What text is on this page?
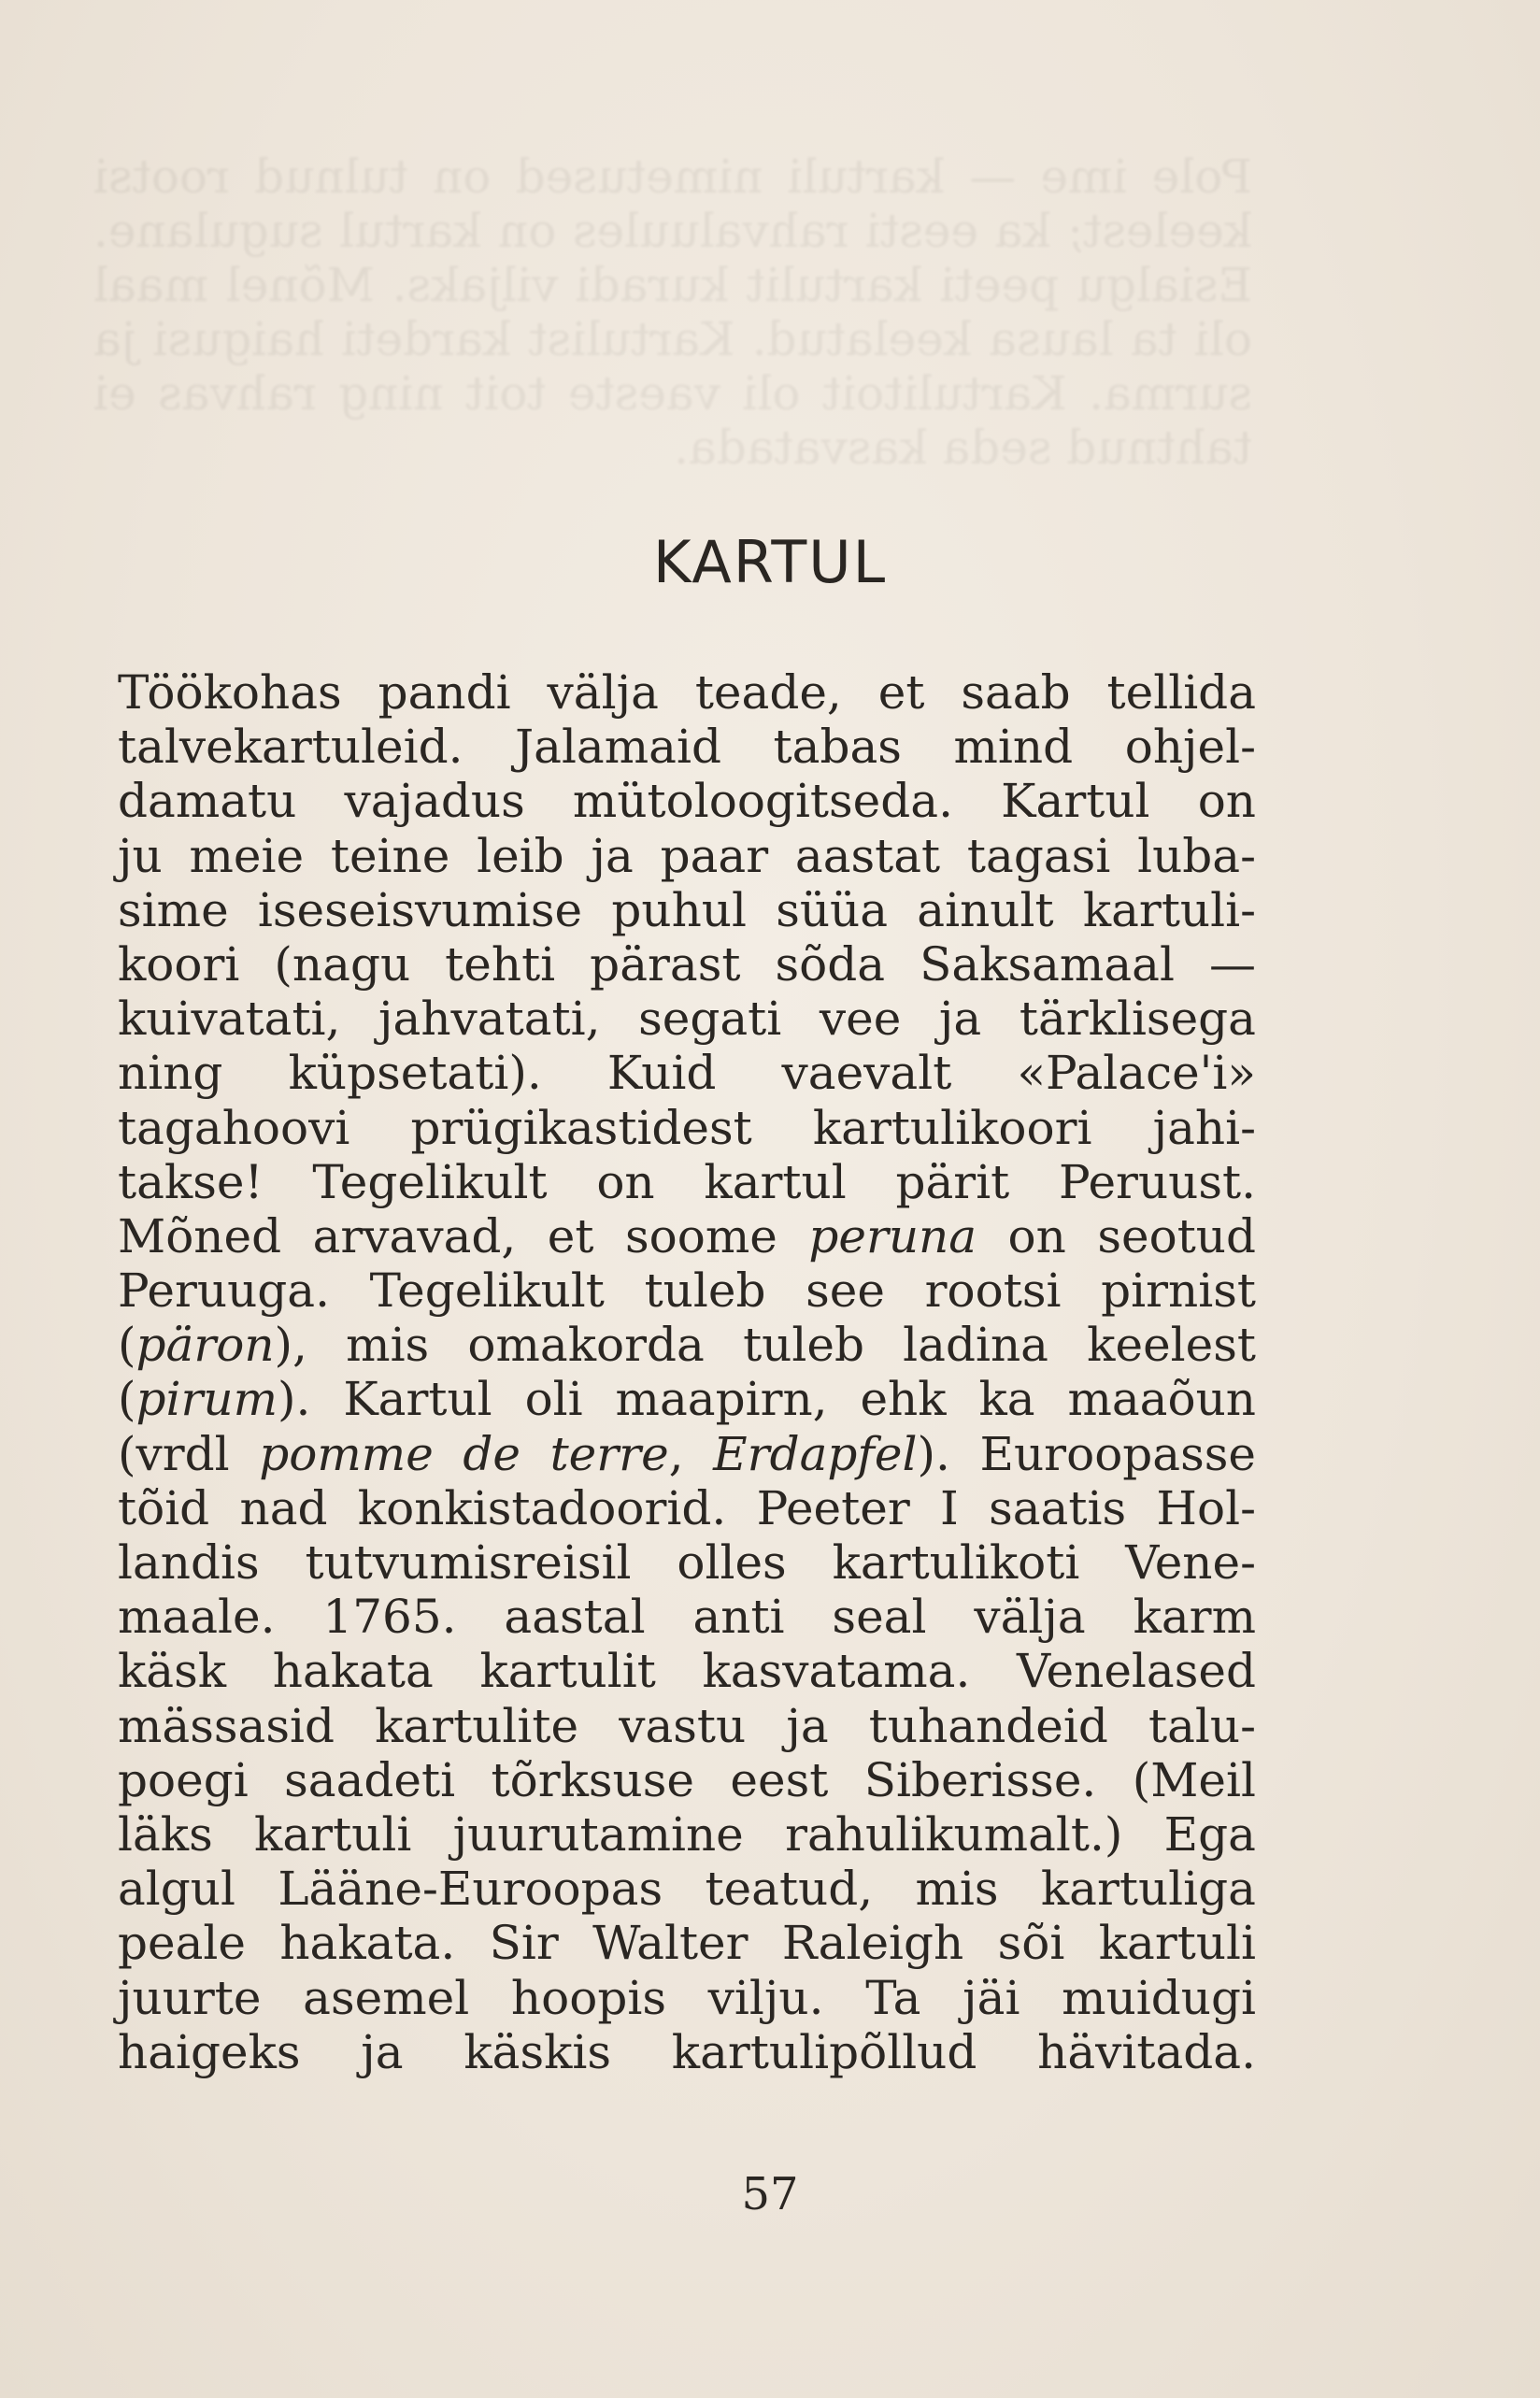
Pole ime — kartuli nimetused on tulnud rootsi keelest; ka eesti rahvaluules on kartul sugulane. Esialgu peeti kartulit kuradi viljaks. Mõnel maal oli ta lausa keelatud. Kartulist kardeti haigusi ja surma. Kartulitoit oli vaeste toit ning rahvas ei tahtnud seda kasvatada.
KARTUL
Töökohas pandi välja teade, et saab tellida
talvekartuleid. Jalamaid tabas mind ohjel-
damatu vajadus mütoloogitseda. Kartul on
ju meie teine leib ja paar aastat tagasi luba-
sime iseseisvumise puhul süüa ainult kartuli-
koori (nagu tehti pärast sõda Saksamaal —
kuivatati, jahvatati, segati vee ja tärklisega
ning küpsetati). Kuid vaevalt «Palace'i»
tagahoovi prügikastidest kartulikoori jahi-
takse! Tegelikult on kartul pärit Peruust.
Mõned arvavad, et soome peruna on seotud
Peruuga. Tegelikult tuleb see rootsi pirnist
(päron), mis omakorda tuleb ladina keelest
(pirum). Kartul oli maapirn, ehk ka maaõun
(vrdl pomme de terre, Erdapfel). Euroopasse
tõid nad konkistadoorid. Peeter I saatis Hol-
landis tutvumisreisil olles kartulikoti Vene-
maale. 1765. aastal anti seal välja karm
käsk hakata kartulit kasvatama. Venelased
mässasid kartulite vastu ja tuhandeid talu-
poegi saadeti tõrksuse eest Siberisse. (Meil
läks kartuli juurutamine rahulikumalt.) Ega
algul Lääne-Euroopas teatud, mis kartuliga
peale hakata. Sir Walter Raleigh sõi kartuli
juurte asemel hoopis vilju. Ta jäi muidugi
haigeks ja käskis kartulipõllud hävitada.
57
